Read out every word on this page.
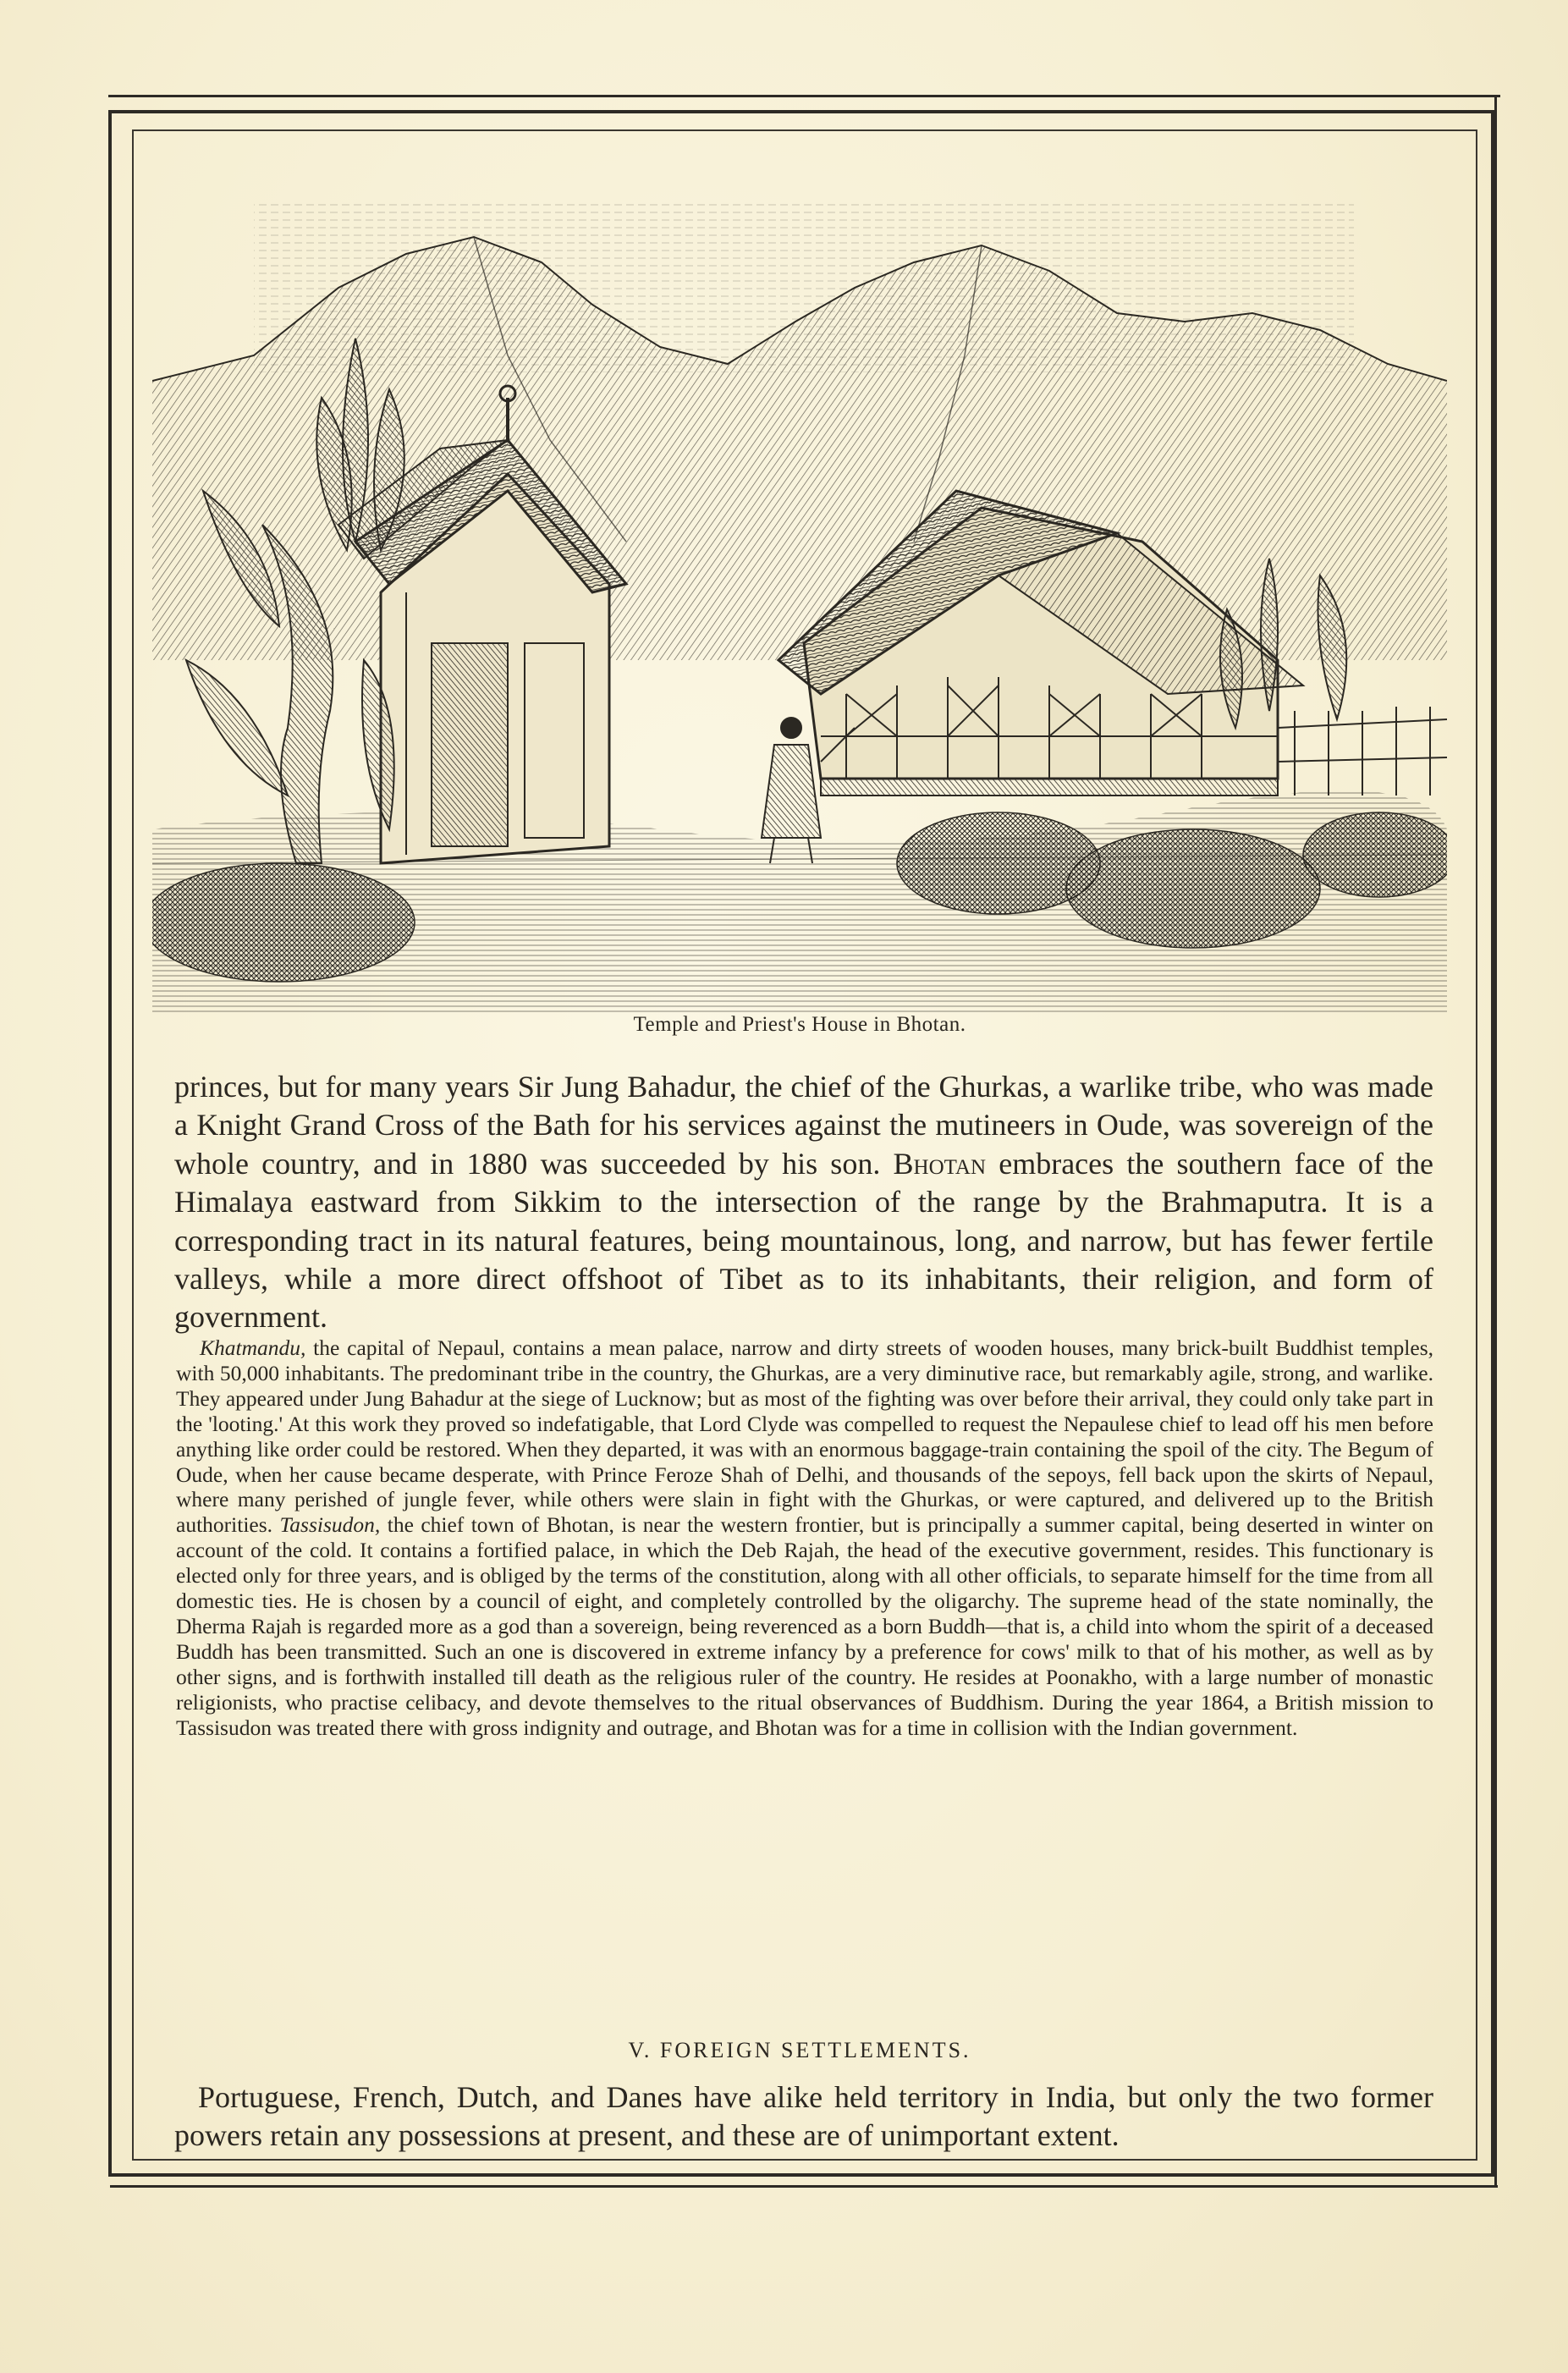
Temple and Priest's House in Bhotan.

princes, but for many years Sir Jung Bahadur, the chief of the Ghurkas, a warlike tribe, who was made a Knight Grand Cross of the Bath for his services against the mutineers in Oude, was sovereign of the whole country, and in 1880 was succeeded by his son. Bhotan embraces the southern face of the Himalaya eastward from Sikkim to the intersection of the range by the Brahmaputra. It is a corresponding tract in its natural features, being mountainous, long, and narrow, but has fewer fertile valleys, while a more direct offshoot of Tibet as to its inhabitants, their religion, and form of government.

Khatmandu, the capital of Nepaul, contains a mean palace, narrow and dirty streets of wooden houses, many brick-built Buddhist temples, with 50,000 inhabitants. The predominant tribe in the country, the Ghurkas, are a very diminutive race, but remarkably agile, strong, and warlike. They appeared under Jung Bahadur at the siege of Lucknow; but as most of the fighting was over before their arrival, they could only take part in the 'looting.' At this work they proved so indefatigable, that Lord Clyde was compelled to request the Nepaulese chief to lead off his men before anything like order could be restored. When they departed, it was with an enormous baggage-train containing the spoil of the city. The Begum of Oude, when her cause became desperate, with Prince Feroze Shah of Delhi, and thousands of the sepoys, fell back upon the skirts of Nepaul, where many perished of jungle fever, while others were slain in fight with the Ghurkas, or were captured, and delivered up to the British authorities. Tassisudon, the chief town of Bhotan, is near the western frontier, but is principally a summer capital, being deserted in winter on account of the cold. It contains a fortified palace, in which the Deb Rajah, the head of the executive government, resides. This functionary is elected only for three years, and is obliged by the terms of the constitution, along with all other officials, to separate himself for the time from all domestic ties. He is chosen by a council of eight, and completely controlled by the oligarchy. The supreme head of the state nominally, the Dherma Rajah is regarded more as a god than a sovereign, being reverenced as a born Buddh—that is, a child into whom the spirit of a deceased Buddh has been transmitted. Such an one is discovered in extreme infancy by a preference for cows' milk to that of his mother, as well as by other signs, and is forthwith installed till death as the religious ruler of the country. He resides at Poonakho, with a large number of monastic religionists, who practise celibacy, and devote themselves to the ritual observances of Buddhism. During the year 1864, a British mission to Tassisudon was treated there with gross indignity and outrage, and Bhotan was for a time in collision with the Indian government.

V. FOREIGN SETTLEMENTS.

Portuguese, French, Dutch, and Danes have alike held territory in India, but only the two former powers retain any possessions at present, and these are of unimportant extent.
